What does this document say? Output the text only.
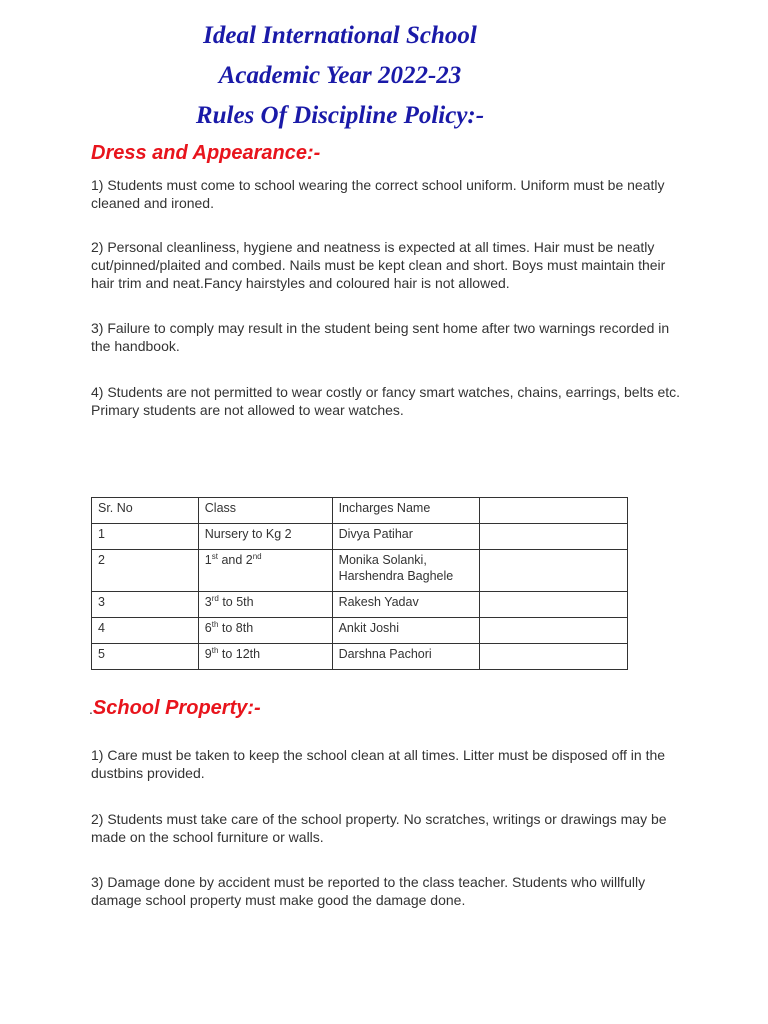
Ideal International School
Academic Year 2022-23
Rules Of Discipline Policy:-
Dress and Appearance:-

1) Students must come to school wearing the correct school uniform. Uniform must be neatly cleaned and ironed.

2) Personal cleanliness, hygiene and neatness is expected at all times. Hair must be neatly cut/pinned/plaited and combed. Nails must be kept clean and short. Boys must maintain their hair trim and neat.Fancy hairstyles and coloured hair is not allowed.

3) Failure to comply may result in the student being sent home after two warnings recorded in the handbook.

4) Students are not permitted to wear costly or fancy smart watches, chains, earrings, belts etc. Primary students are not allowed to wear watches.

Sr. No	Class	Incharges Name	
1	Nursery to Kg 2	Divya Patihar	
2	1st and 2nd	Monika Solanki,
Harshendra Baghele	

3	3rd to 5th	Rakesh Yadav	
4	6th to 8th	Ankit Joshi	
5	9th to 12th	Darshna Pachori	
.School Property:-

1) Care must be taken to keep the school clean at all times. Litter must be disposed off in the dustbins provided.

2) Students must take care of the school property. No scratches, writings or drawings may be made on the school furniture or walls.

3) Damage done by accident must be reported to the class teacher. Students who willfully damage school property must make good the damage done.
